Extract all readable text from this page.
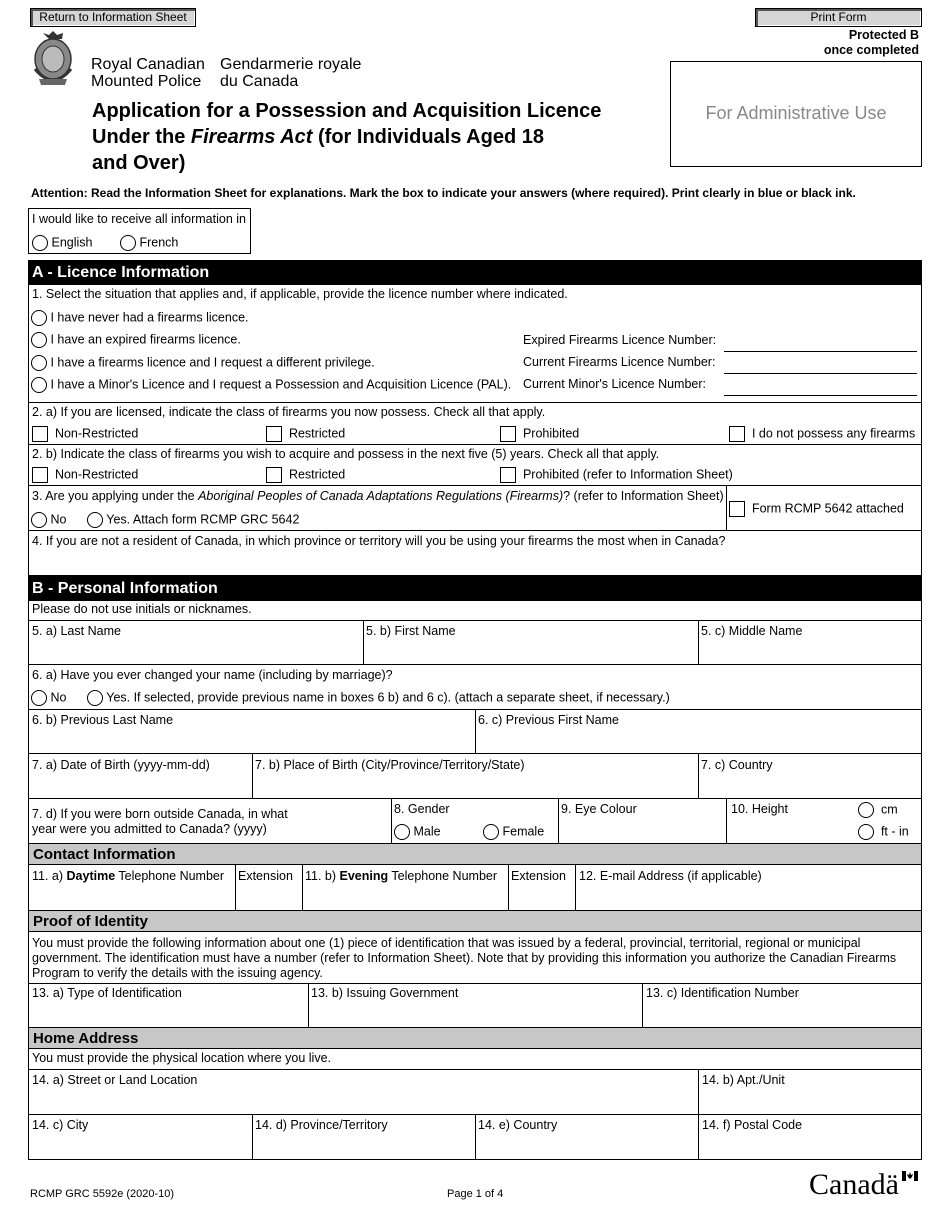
Return to Information Sheet	Print Form
Protected B
once completed
Royal Canadian
Mounted Police
Gendarmerie royale
du Canada
Application for a Possession and Acquisition Licence
Under the Firearms Act (for Individuals Aged 18
and Over)
For Administrative Use
Attention: Read the Information Sheet for explanations. Mark the box to indicate your answers (where required). Print clearly in blue or black ink.
I would like to receive all information in
English	French
A - Licence Information
1. Select the situation that applies and, if applicable, provide the licence number where indicated.
I have never had a firearms licence.
I have an expired firearms licence.
I have a firearms licence and I request a different privilege.
I have a Minor's Licence and I request a Possession and Acquisition Licence (PAL).
Expired Firearms Licence Number:
Current Firearms Licence Number:
Current Minor's Licence Number:
2. a) If you are licensed, indicate the class of firearms you now possess. Check all that apply.
Non-Restricted	Restricted	Prohibited	I do not possess any firearms
2. b) Indicate the class of firearms you wish to acquire and possess in the next five (5) years. Check all that apply.
Non-Restricted	Restricted	Prohibited (refer to Information Sheet)
3. Are you applying under the Aboriginal Peoples of Canada Adaptations Regulations (Firearms)? (refer to Information Sheet)
No	Yes. Attach form RCMP GRC 5642
Form RCMP 5642 attached
4. If you are not a resident of Canada, in which province or territory will you be using your firearms the most when in Canada?
B - Personal Information
Please do not use initials or nicknames.
5. a) Last Name	5. b) First Name	5. c) Middle Name
6. a) Have you ever changed your name (including by marriage)?
No	Yes. If selected, provide previous name in boxes 6 b) and 6 c). (attach a separate sheet, if necessary.)
6. b) Previous Last Name	6. c) Previous First Name
7. a) Date of Birth (yyyy-mm-dd)	7. b) Place of Birth (City/Province/Territory/State)	7. c) Country
7. d) If you were born outside Canada, in what
year were you admitted to Canada? (yyyy)
8. Gender
Male	Female
9. Eye Colour	10. Height	cm
ft - in
Contact Information
11. a) Daytime Telephone Number Extension 11. b) Evening Telephone Number Extension 12. E-mail Address (if applicable)
Proof of Identity
You must provide the following information about one (1) piece of identification that was issued by a federal, provincial, territorial, regional or municipal government. The identification must have a number (refer to Information Sheet). Note that by providing this information you authorize the Canadian Firearms Program to verify the details with the issuing agency.
13. a) Type of Identification	13. b) Issuing Government	13. c) Identification Number
Home Address
You must provide the physical location where you live.
14. a) Street or Land Location	14. b) Apt./Unit
14. c) City	14. d) Province/Territory	14. e) Country	14. f) Postal Code
RCMP GRC 5592e (2020-10)	Page 1 of 4	Canadä
